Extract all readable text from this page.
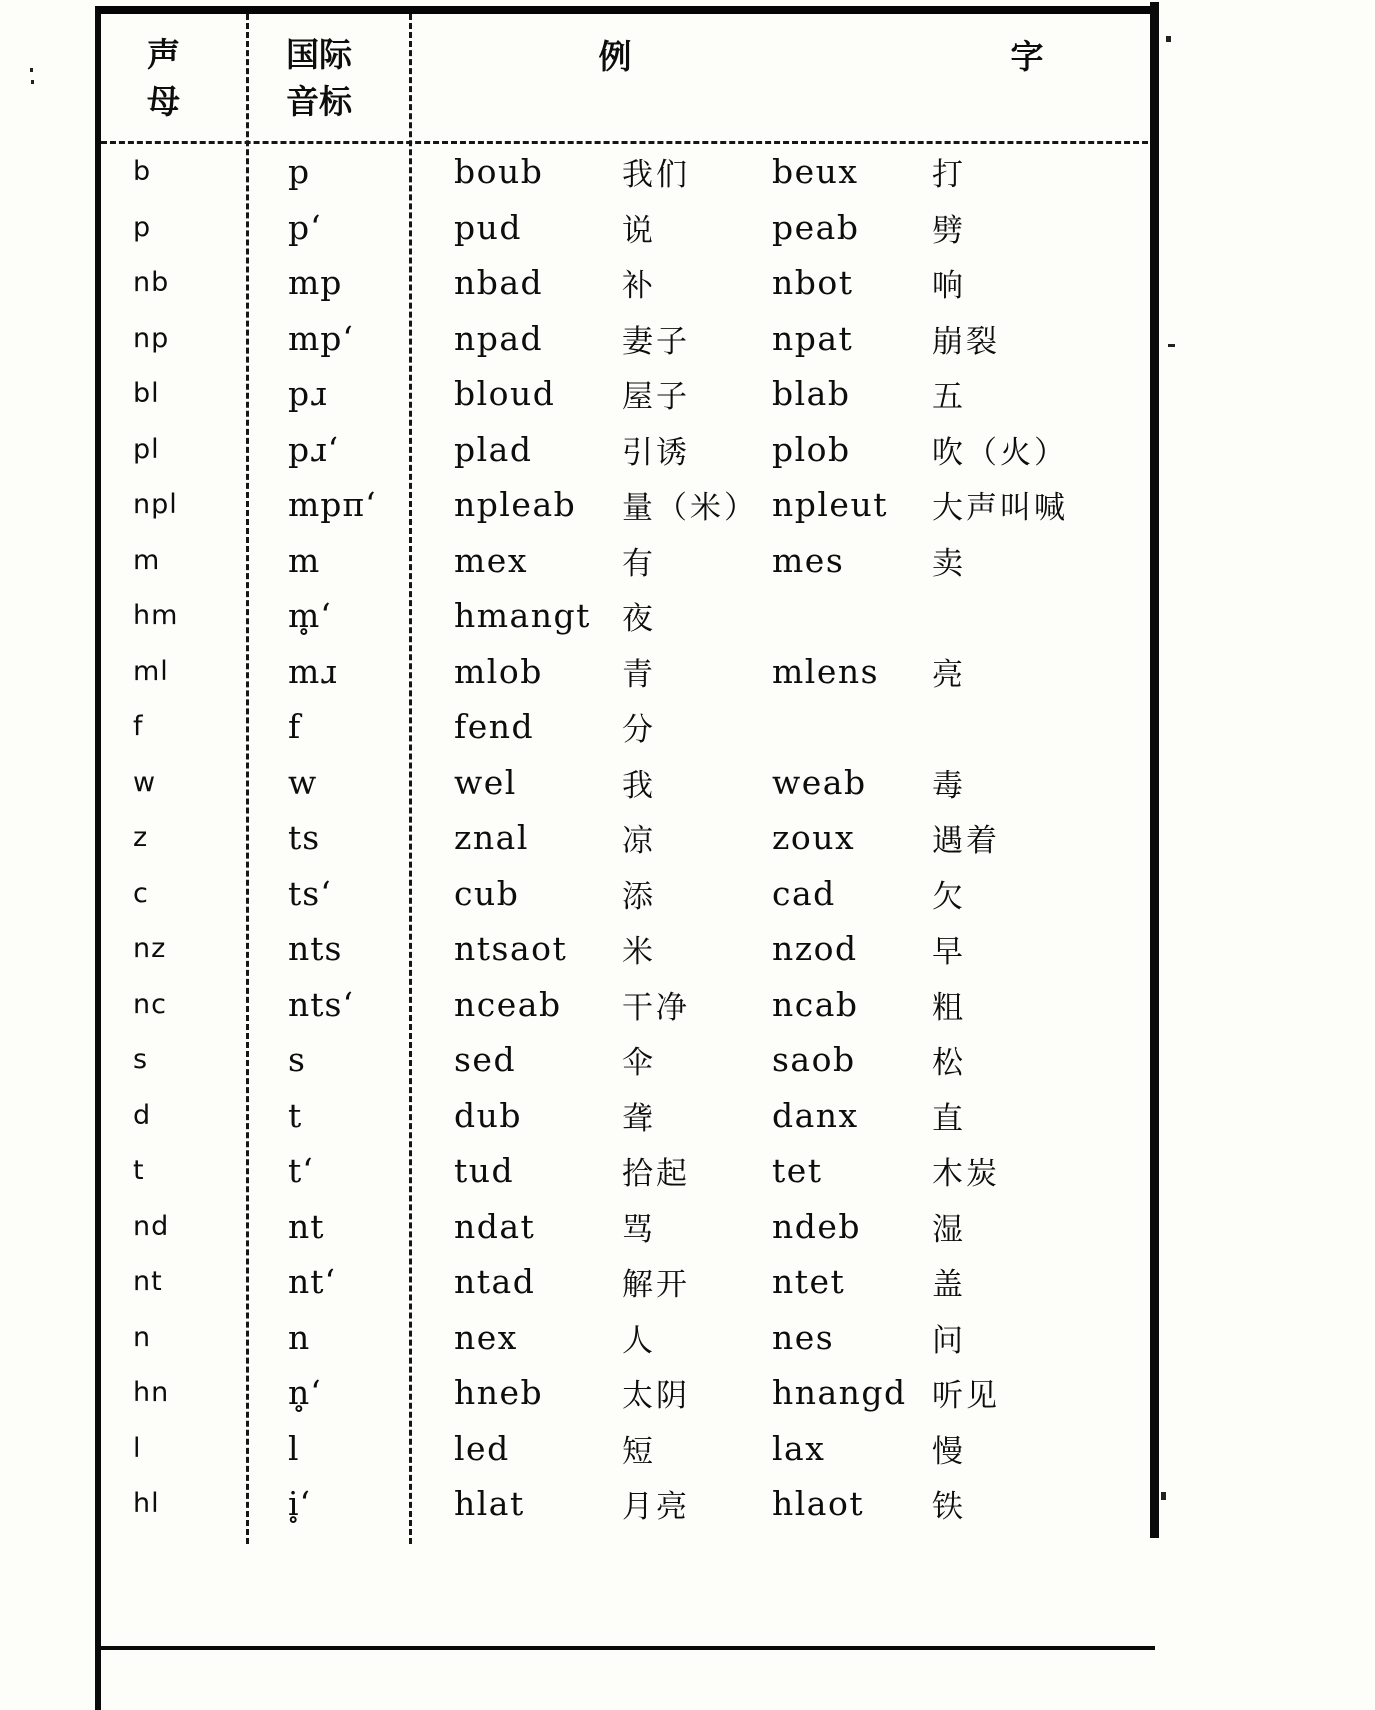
声
母
国际
音标
例	字
b	p	boub	我们	beux	打
p	p‘	pud	说	peab	劈
nb	mp	nbad	补	nbot	响
np	mp‘	npad	妻子	npat	崩裂
bl	pɹ	bloud	屋子	blab	五
pl	pɹ‘	plad	引诱	plob	吹（火）
npl	mpπ‘	npleab	量（米） npleut	大声叫喊
m	m	mex	有	mes	卖
hm	m̥‘	hmangt	夜
ml	mɹ	mlob	青	mlens	亮
f	f	fend	分
w	w	wel	我	weab	毒
z	ts	znal	凉	zoux	遇着
c	ts‘	cub	添	cad	欠
nz	nts	ntsaot	米	nzod	早
nc	nts‘	nceab	干净	ncab	粗
s	s	sed	伞	saob	松
d	t	dub	聋	danx	直
t	t‘	tud	拾起	tet	木炭
nd	nt	ndat	骂	ndeb	湿
nt	nt‘	ntad	解开	ntet	盖
n	n	nex	人	nes	问
hn	n̥‘	hneb	太阴	hnangd 听见
l	l	led	短	lax	慢
hl	i̥‘	hlat	月亮	hlaot	铁
